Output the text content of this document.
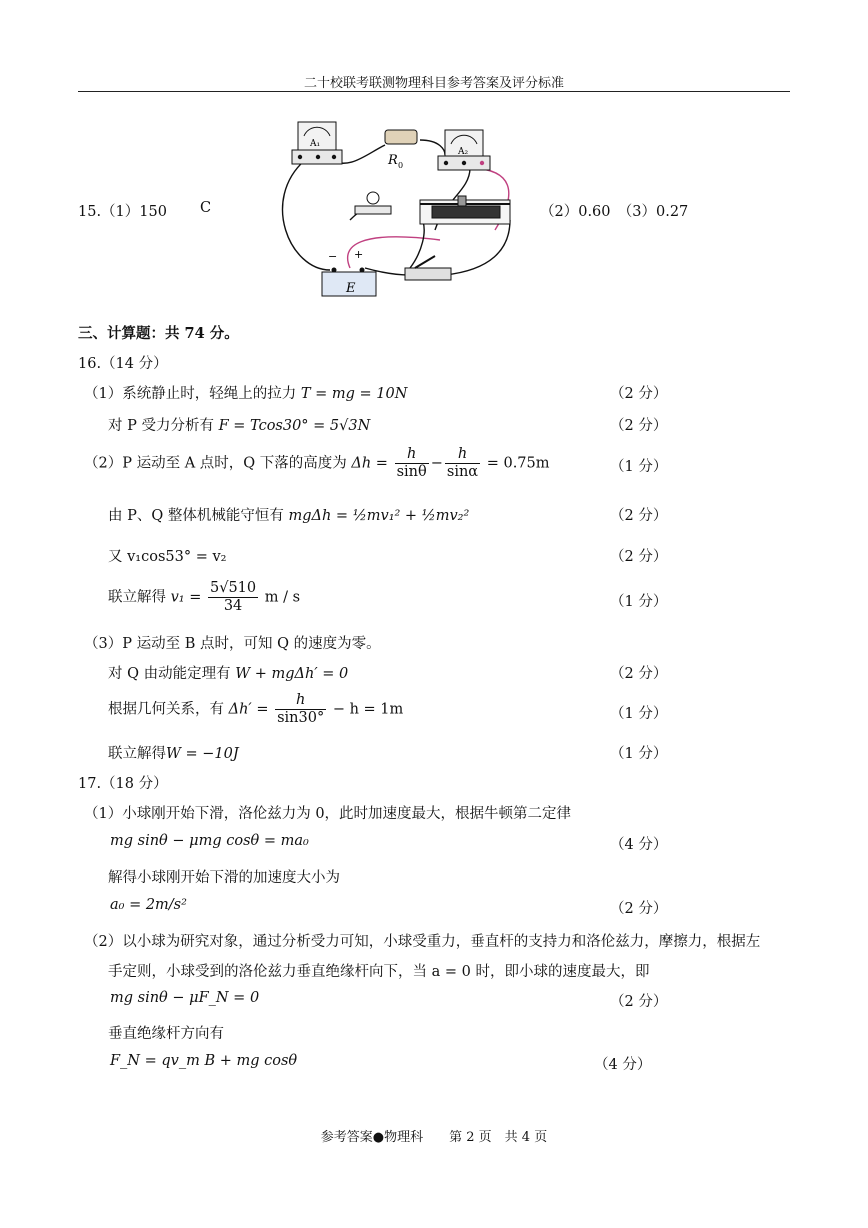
二十校联考联测物理科目参考答案及评分标准
15.（1）150 C	（2）0.60　（3）0.27
A₁
R 0
A₂
E
− +
三、计算题：共 74 分。
16.（14 分）
（1）系统静止时，轻绳上的拉力 T = mg = 10N	（2 分）
对 P 受力分析有 F = Tcos30° = 5√3N	（2 分）
（2）P 运动至 A 点时，Q 下落的高度为 $\Delta h = \frac{h}{\sin\theta} - \frac{h}{\sin\alpha} = 0.75m$	（1 分）
由 P、Q 整体机械能守恒有 mgΔh = ½mv₁² + ½mv₂²	（2 分）
又 v₁cos53° = v₂	（2 分）
联立解得 $v_1 = \frac{5√510}{34}$ m / s	（1 分）
（3）P 运动至 B 点时，可知 Q 的速度为零。
对 Q 由动能定理有 W + mgΔh′ = 0	（2 分）
根据几何关系，有 $\Delta h' = \frac{h}{\sin 30^\circ} - h = 1m$	（1 分）
联立解得W = −10J	（1 分）
17.（18 分）
（1）小球刚开始下滑，洛伦兹力为 0，此时加速度最大，根据牛顿第二定律
mg sinθ − μmg cosθ = ma₀	（4 分）
解得小球刚开始下滑的加速度大小为
a₀ = 2m/s²	（2 分）
（2）以小球为研究对象，通过分析受力可知，小球受重力，垂直杆的支持力和洛伦兹力，摩擦力，根据左
手定则，小球受到的洛伦兹力垂直绝缘杆向下，当 a = 0 时，即小球的速度最大，即
mg sinθ − μF_N = 0	（2 分）
垂直绝缘杆方向有
F_N = qv_m B + mg cosθ	（4 分）
参考答案●物理科　　第 2 页　共 4 页
